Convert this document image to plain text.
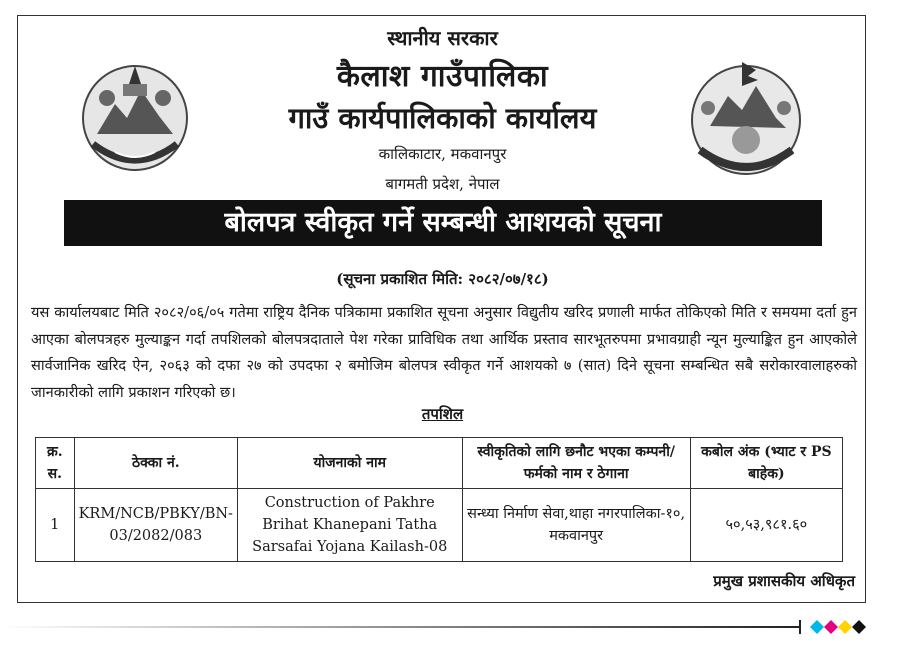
स्थानीय सरकार
कैलाश गाउँपालिका
गाउँ कार्यपालिकाको कार्यालय
कालिकाटार, मकवानपुर
बागमती प्रदेश, नेपाल
बोलपत्र स्वीकृत गर्ने सम्बन्धी आशयको सूचना
(सूचना प्रकाशित मिति: २०८२/०७/१८)
यस कार्यालयबाट मिति २०८२/०६/०५ गतेमा राष्ट्रिय दैनिक पत्रिकामा प्रकाशित सूचना अनुसार विद्युतीय खरिद प्रणाली मार्फत तोकिएको मिति र समयमा दर्ता हुन आएका बोलपत्रहरु मुल्याङ्कन गर्दा तपशिलको बोलपत्रदाताले पेश गरेका प्राविधिक तथा आर्थिक प्रस्ताव सारभूतरुपमा प्रभावग्राही न्यून मुल्याङ्कित हुन आएकोले सार्वजानिक खरिद ऐन, २०६३ को दफा २७ को उपदफा २ बमोजिम बोलपत्र स्वीकृत गर्ने आशयको ७ (सात) दिने सूचना सम्बन्धित सबै सरोकारवालाहरुको जानकारीको लागि प्रकाशन गरिएको छ।
तपशिल
क्र. स.	ठेक्का नं.	योजनाको नाम	स्वीकृतिको लागि छनौट भएका कम्पनी/फर्मको नाम र ठेगाना	कबोल अंक (भ्याट र PS बाहेक)
1	KRM/NCB/PBKY/BN-03/2082/083	Construction of Pakhre Brihat Khanepani Tatha Sarsafai Yojana Kailash-08	सन्ध्या निर्माण सेवा,थाहा नगरपालिका-१०, मकवानपुर	५०,५३,९८१.६०
प्रमुख प्रशासकीय अधिकृत
